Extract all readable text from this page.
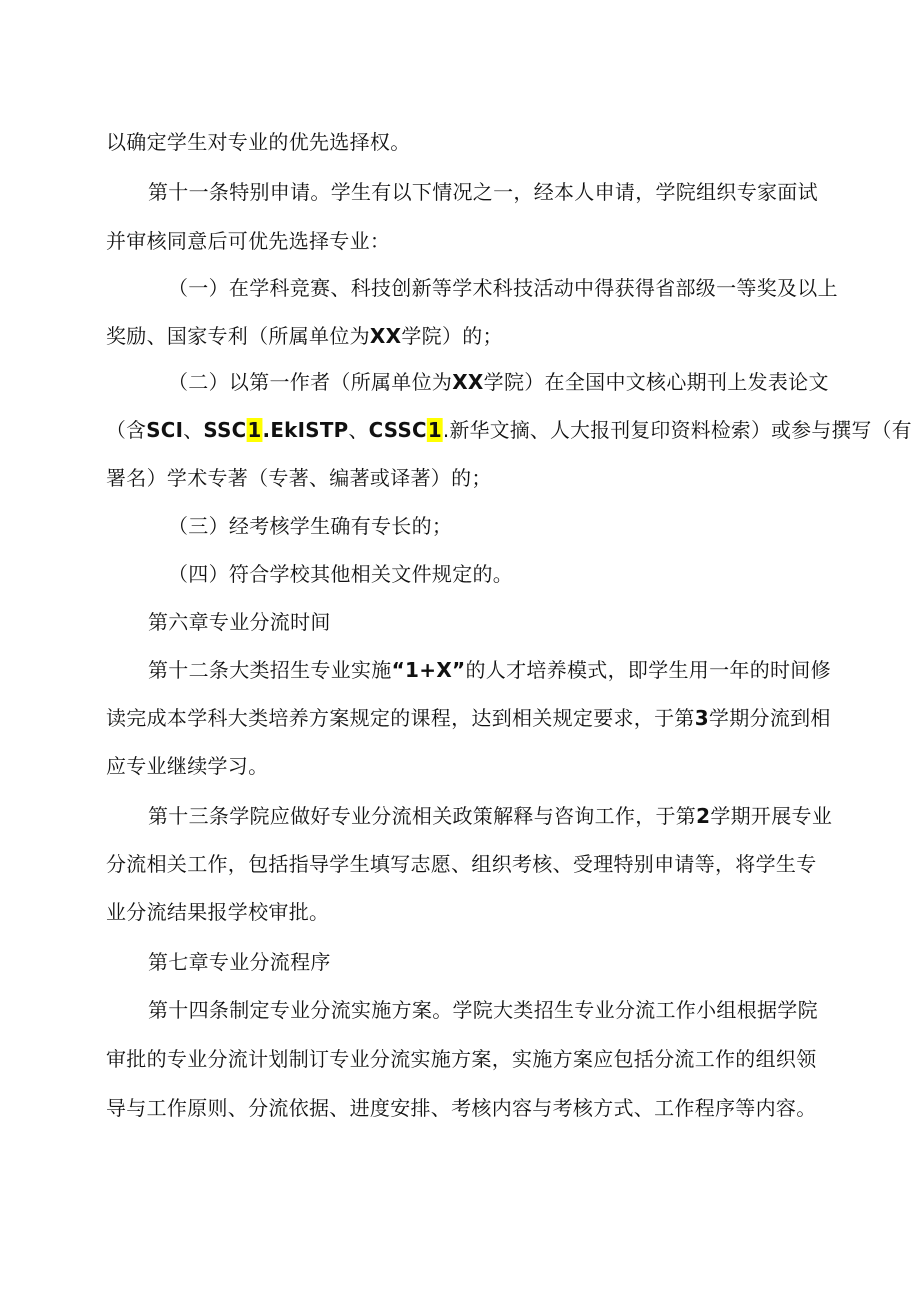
以确定学生对专业的优先选择权。
第十一条特别申请。学生有以下情况之一，经本人申请，学院组织专家面试
并审核同意后可优先选择专业：
（一）在学科竞赛、科技创新等学术科技活动中得获得省部级一等奖及以上
奖励、国家专利（所属单位为XX学院）的；
（二）以第一作者（所属单位为XX学院）在全国中文核心期刊上发表论文
（含SCI、SSC1.EkISTP、CSSC1.新华文摘、人大报刊复印资料检索）或参与撰写（有
署名）学术专著（专著、编著或译著）的；
（三）经考核学生确有专长的；
（四）符合学校其他相关文件规定的。
第六章专业分流时间
第十二条大类招生专业实施“1+X”的人才培养模式，即学生用一年的时间修
读完成本学科大类培养方案规定的课程，达到相关规定要求，于第3学期分流到相
应专业继续学习。
第十三条学院应做好专业分流相关政策解释与咨询工作，于第2学期开展专业
分流相关工作，包括指导学生填写志愿、组织考核、受理特别申请等，将学生专
业分流结果报学校审批。
第七章专业分流程序
第十四条制定专业分流实施方案。学院大类招生专业分流工作小组根据学院
审批的专业分流计划制订专业分流实施方案，实施方案应包括分流工作的组织领
导与工作原则、分流依据、进度安排、考核内容与考核方式、工作程序等内容。
